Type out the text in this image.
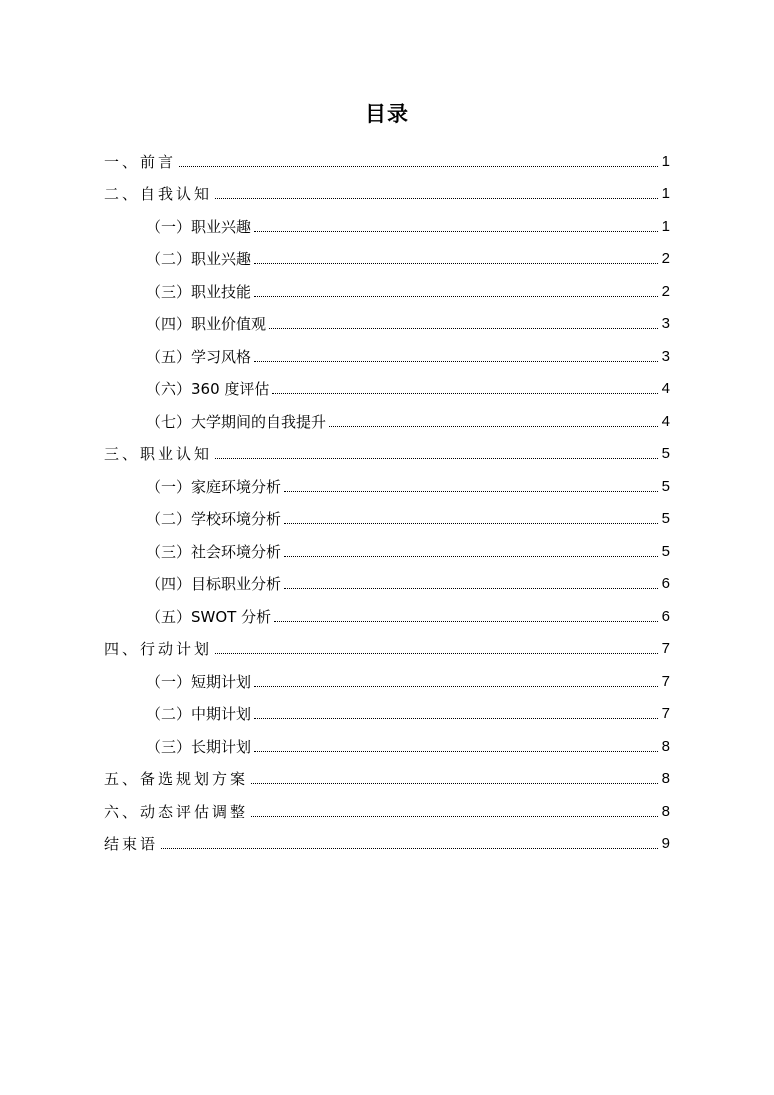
目录
一、前言	1
二、自我认知	1
（一）职业兴趣	1
（二）职业兴趣	2
（三）职业技能	2
（四）职业价值观	3
（五）学习风格	3
（六）360 度评估	4
（七）大学期间的自我提升	4
三、职业认知	5
（一）家庭环境分析	5
（二）学校环境分析	5
（三）社会环境分析	5
（四）目标职业分析	6
（五）SWOT 分析	6
四、行动计划	7
（一）短期计划	7
（二）中期计划	7
（三）长期计划	8
五、备选规划方案	8
六、动态评估调整	8
结束语	9
